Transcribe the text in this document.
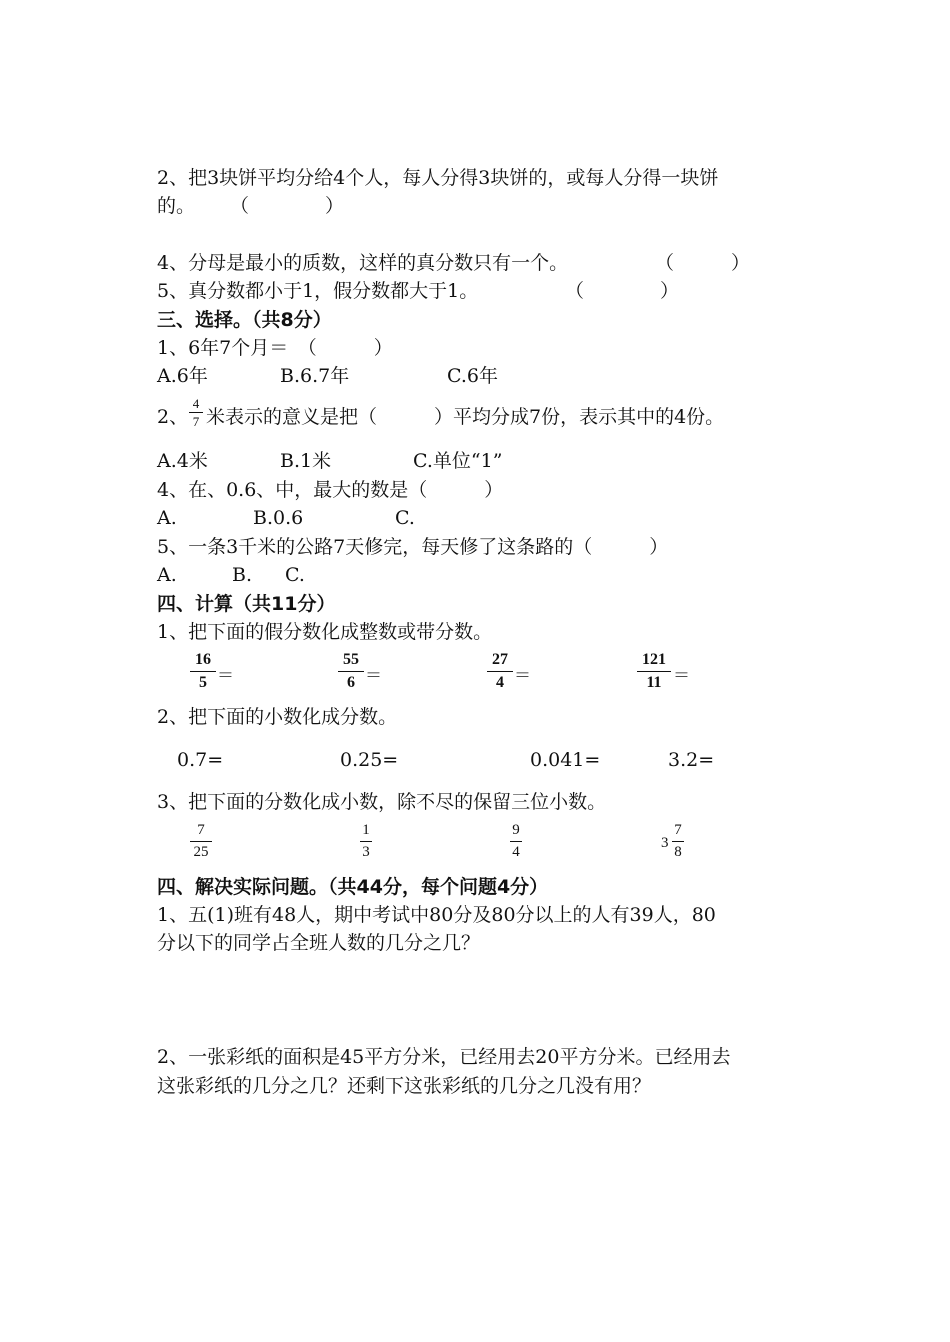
2、把3块饼平均分给4个人，每人分得3块饼的，或每人分得一块饼
的。 （　　　　）
4、分母是最小的质数，这样的真分数只有一个。	（　　　）
5、真分数都小于1，假分数都大于1。	（　　　　）
三、选择。（共8分）
1、6年7个月＝　（　　　）
A.6年	B.6.7年	C.6年
2、
4
7 米表示的意义是把（　　　）平均分成7份，表示其中的4份。
A.4米	B.1米	C.单位“1”
4、在、0.6、中，最大的数是（　　　）
A.	B.0.6	C.
5、一条3千米的公路7天修完，每天修了这条路的（　　　）
A.	B. C.
四、计算（共11分）
1、把下面的假分数化成整数或带分数。
16
5 ＝
55
6 ＝
27
4 ＝
121
11 ＝
2、把下面的小数化成分数。
0.7=	0.25=	0.041=	3.2=
3、把下面的分数化成小数，除不尽的保留三位小数。
7
25
1
3
9
4
3
7
8
四、解决实际问题。（共44分，每个问题4分）
1、五(1)班有48人，期中考试中80分及80分以上的人有39人，80
分以下的同学占全班人数的几分之几？
2、一张彩纸的面积是45平方分米，已经用去20平方分米。已经用去
这张彩纸的几分之几？还剩下这张彩纸的几分之几没有用？
